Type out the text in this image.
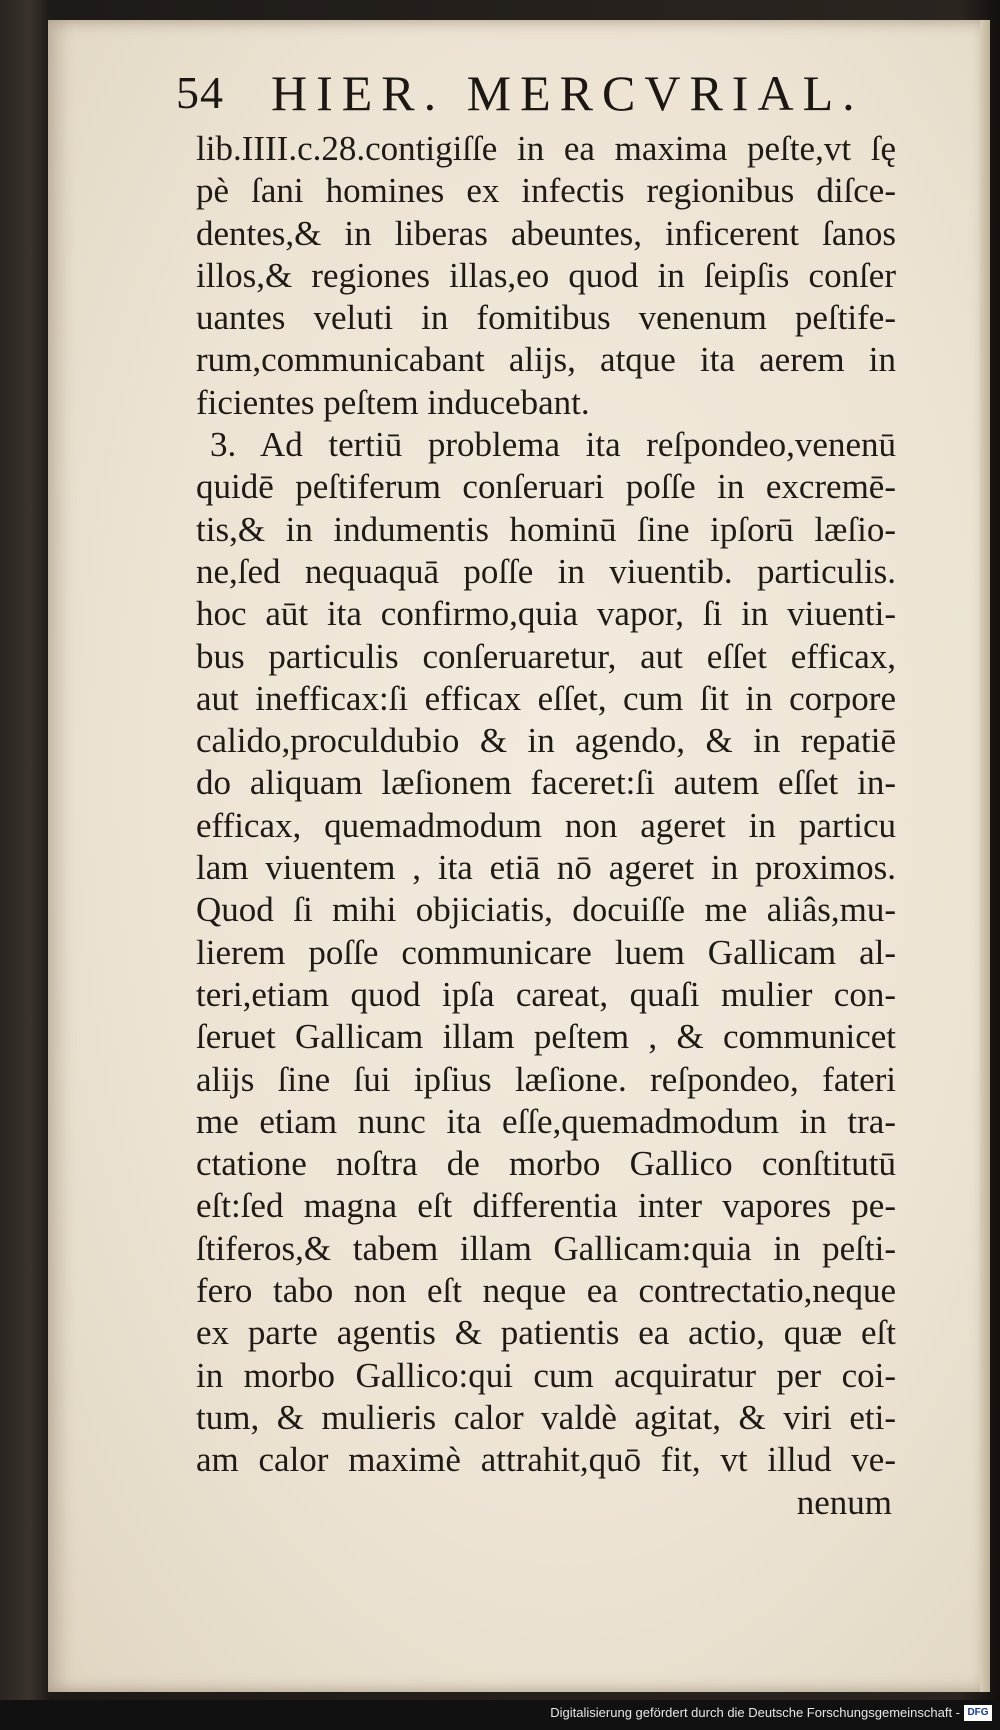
54 HIER. MERCVRIAL.
lib.IIII.c.28.contigiſſe in ea maxima peſte,vt ſę
pè ſani homines ex infectis regionibus diſce-
dentes,& in liberas abeuntes, inficerent ſanos
illos,& regiones illas,eo quod in ſeipſis conſer
uantes veluti in fomitibus venenum peſtife-
rum,communicabant alijs, atque ita aerem in
ficientes peſtem inducebant.
3. Ad tertiū problema ita reſpondeo,venenū
quidē peſtiferum conſeruari poſſe in excremē-
tis,& in indumentis hominū ſine ipſorū læſio-
ne,ſed nequaquā poſſe in viuentib. particulis.
hoc aūt ita confirmo,quia vapor, ſi in viuenti-
bus particulis conſeruaretur, aut eſſet efficax,
aut inefficax:ſi efficax eſſet, cum ſit in corpore
calido,proculdubio & in agendo, & in repatiē
do aliquam læſionem faceret:ſi autem eſſet in-
efficax, quemadmodum non ageret in particu
lam viuentem , ita etiā nō ageret in proximos.
Quod ſi mihi objiciatis, docuiſſe me aliâs,mu-
lierem poſſe communicare luem Gallicam al-
teri,etiam quod ipſa careat, quaſi mulier con-
ſeruet Gallicam illam peſtem , & communicet
alijs ſine ſui ipſius læſione. reſpondeo, fateri
me etiam nunc ita eſſe,quemadmodum in tra-
ctatione noſtra de morbo Gallico conſtitutū
eſt:ſed magna eſt differentia inter vapores pe-
ſtiferos,& tabem illam Gallicam:quia in peſti-
fero tabo non eſt neque ea contrectatio,neque
ex parte agentis & patientis ea actio, quæ eſt
in morbo Gallico:qui cum acquiratur per coi-
tum, & mulieris calor valdè agitat, & viri eti-
am calor maximè attrahit,quō fit, vt illud ve-
nenum
Digitalisierung gefördert durch die Deutsche Forschungsgemeinschaft - DFG
